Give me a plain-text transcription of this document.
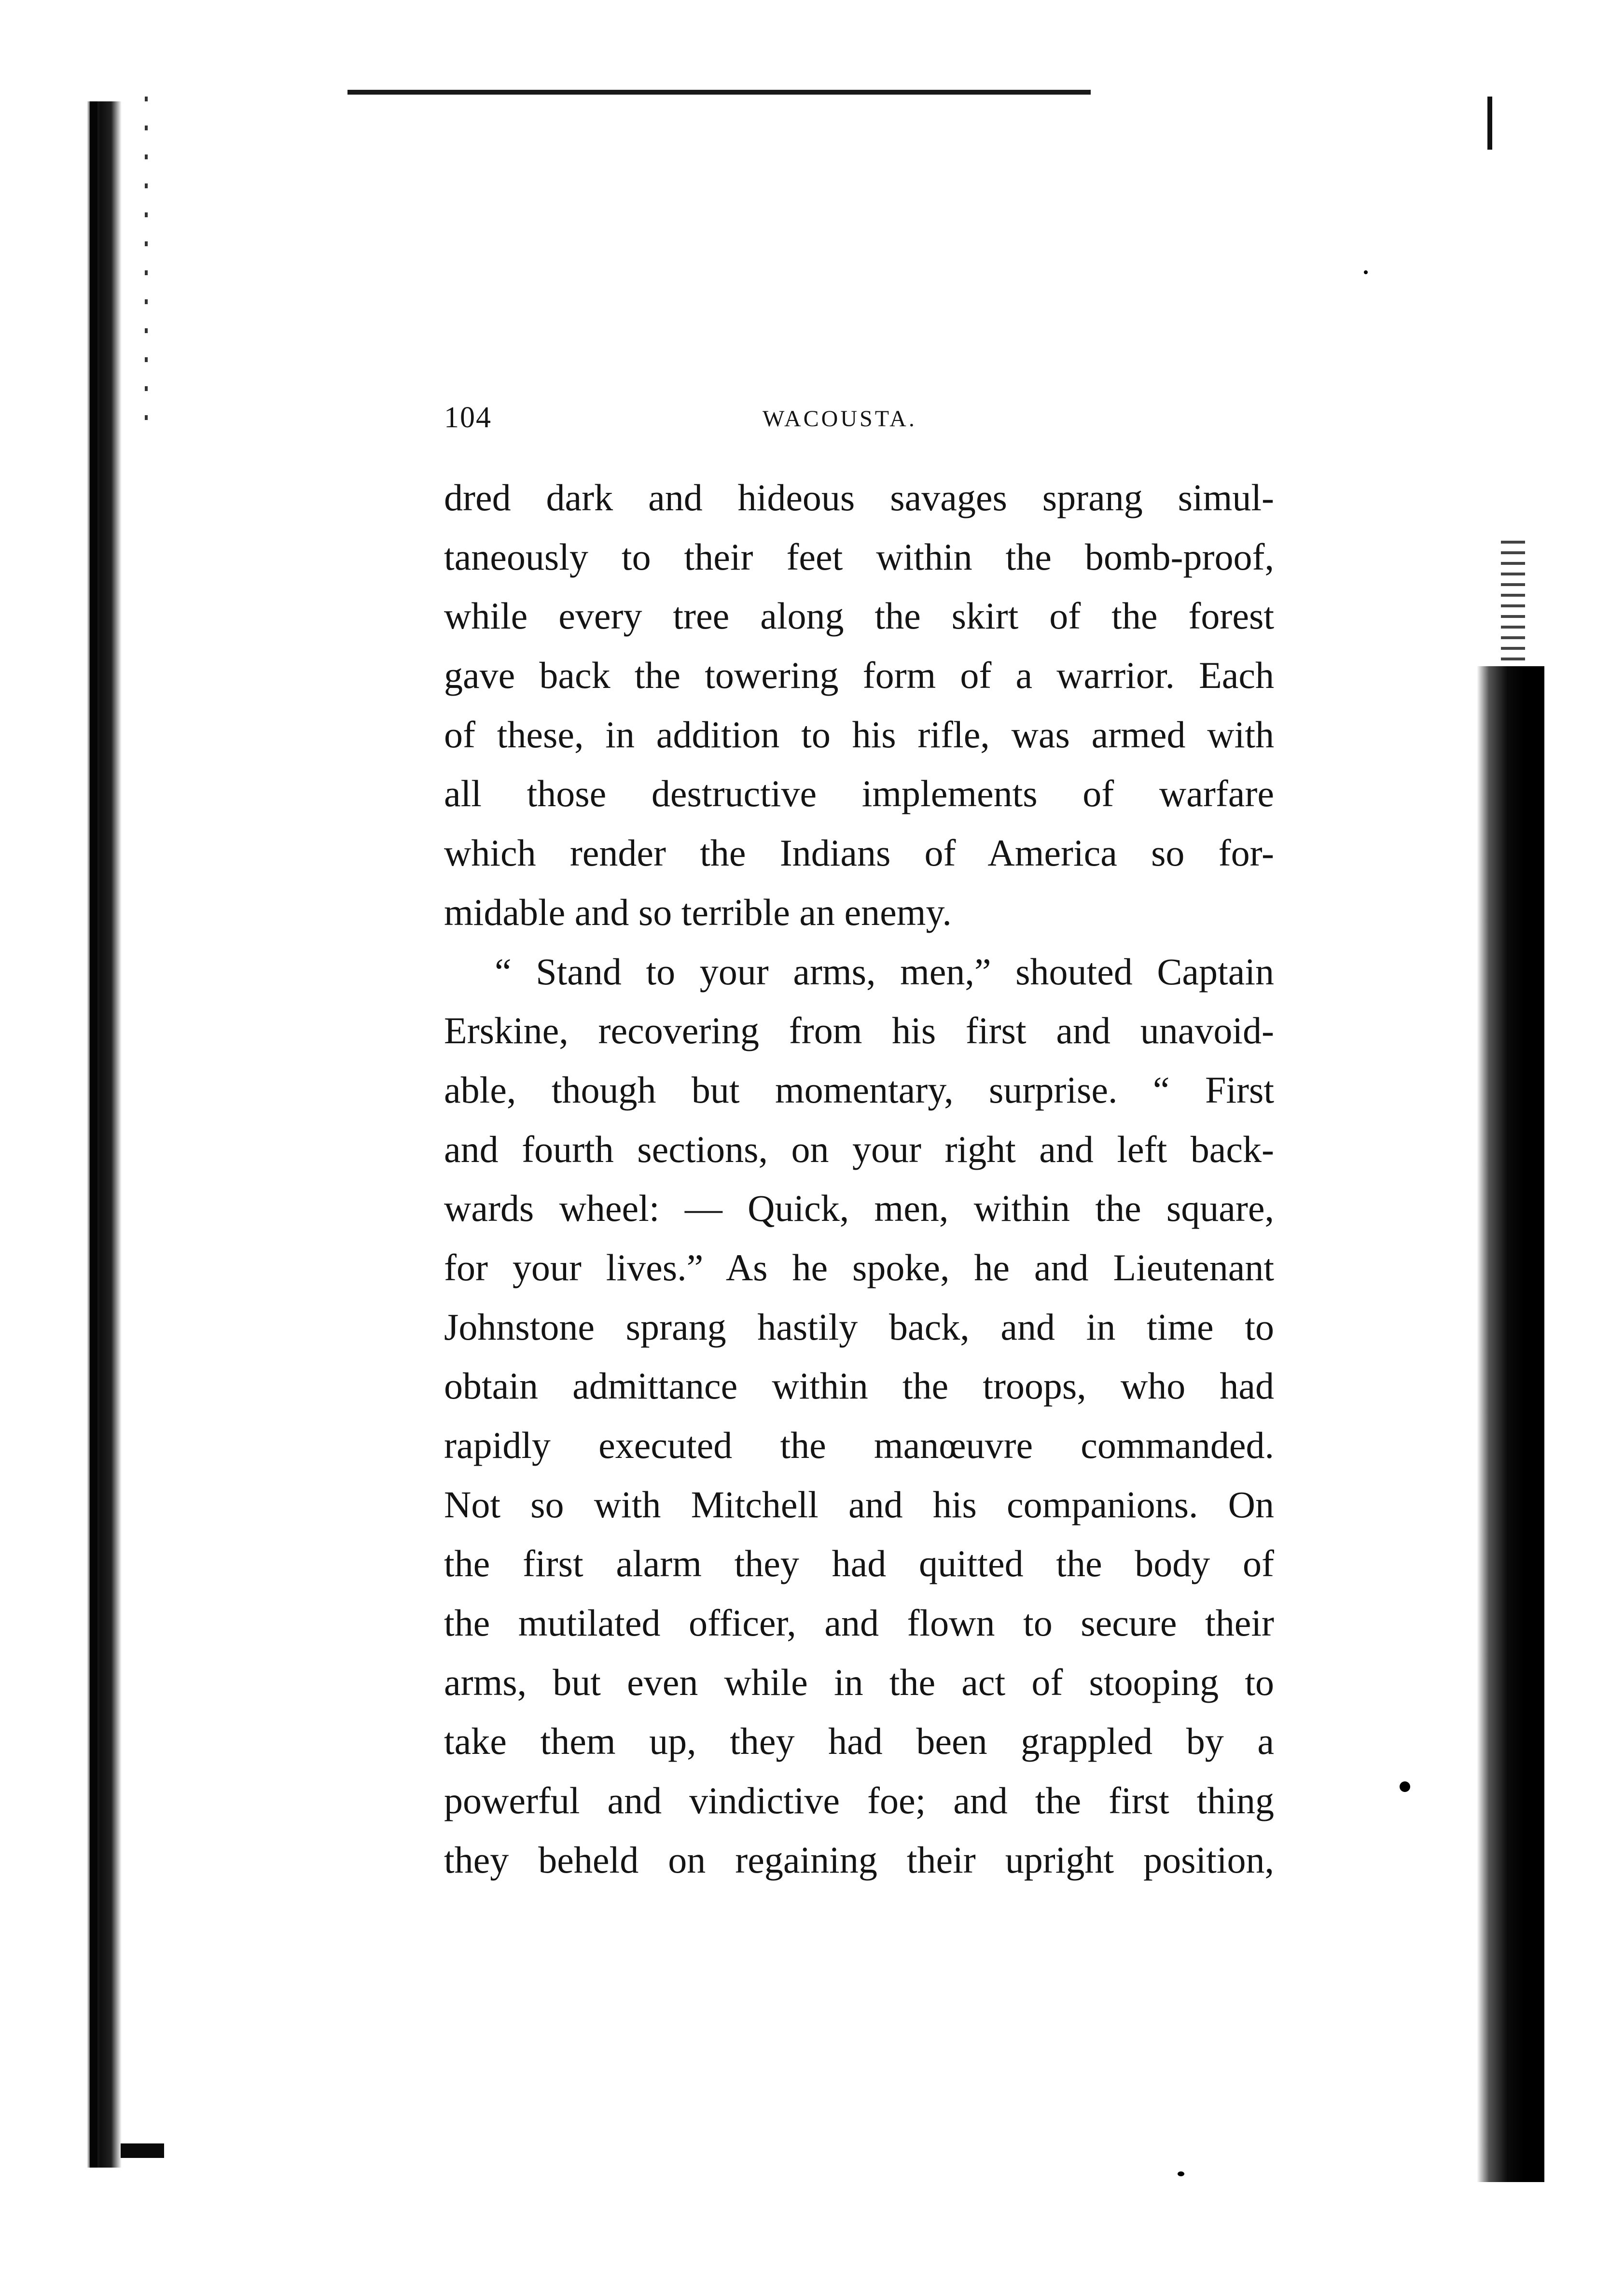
104	WACOUSTA.
dred dark and hideous savages sprang simul-
taneously to their feet within the bomb-proof,
while every tree along the skirt of the forest
gave back the towering form of a warrior. Each
of these, in addition to his rifle, was armed with
all those destructive implements of warfare
which render the Indians of America so for-
midable and so terrible an enemy.
“ Stand to your arms, men,” shouted Captain
Erskine, recovering from his first and unavoid-
able, though but momentary, surprise. “ First
and fourth sections, on your right and left back-
wards wheel: — Quick, men, within the square,
for your lives.” As he spoke, he and Lieutenant
Johnstone sprang hastily back, and in time to
obtain admittance within the troops, who had
rapidly executed the manœuvre commanded.
Not so with Mitchell and his companions. On
the first alarm they had quitted the body of
the mutilated officer, and flown to secure their
arms, but even while in the act of stooping to
take them up, they had been grappled by a
powerful and vindictive foe; and the first thing
they beheld on regaining their upright position,
